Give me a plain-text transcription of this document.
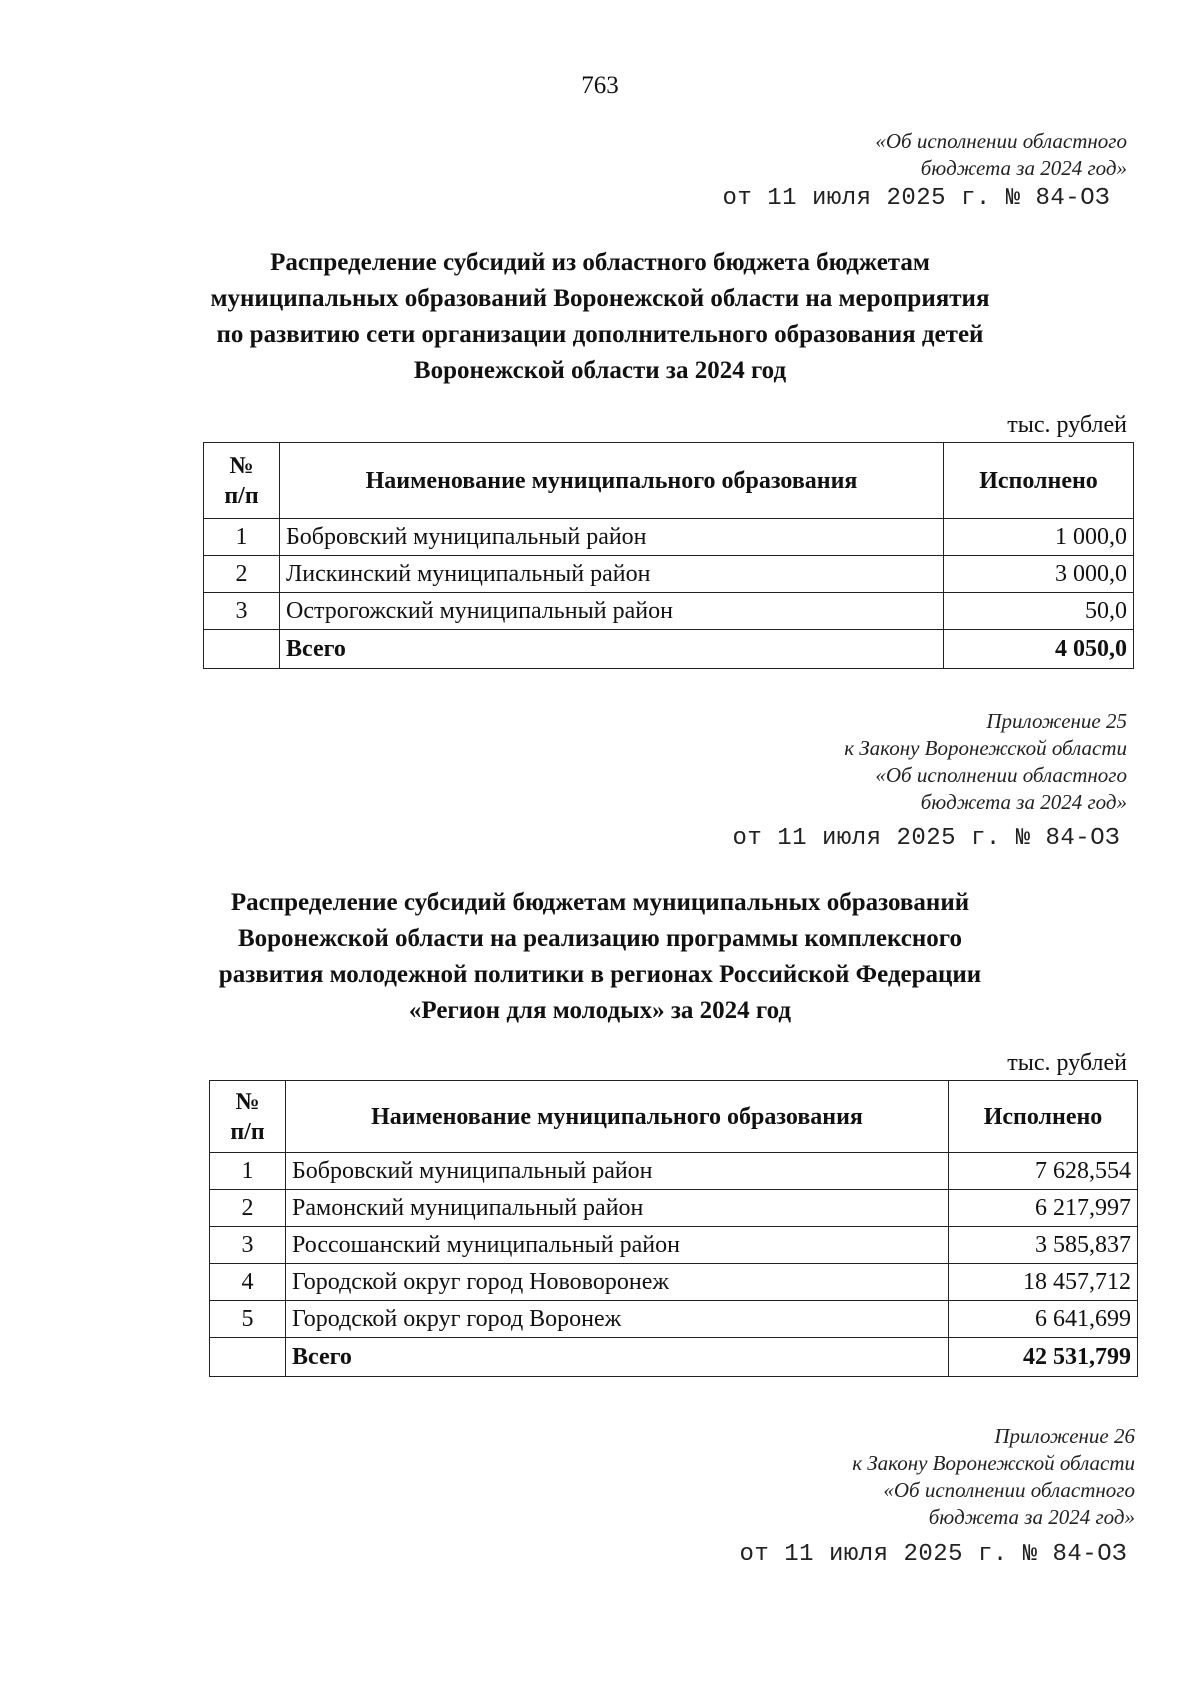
763
«Об исполнении областного
бюджета за 2024 год»
от 11 июля 2025 г. № 84-ОЗ
Распределение субсидий из областного бюджета бюджетам
муниципальных образований Воронежской области на мероприятия
по развитию сети организации дополнительного образования детей
Воронежской области за 2024 год
тыс. рублей
№
п/п	Наименование муниципального образования	Исполнено
1	Бобровский муниципальный район	1 000,0
2	Лискинский муниципальный район	3 000,0
3	Острогожский муниципальный район	50,0
	Всего	4 050,0
Приложение 25
к Закону Воронежской области
«Об исполнении областного
бюджета за 2024 год»
от 11 июля 2025 г. № 84-ОЗ
Распределение субсидий бюджетам муниципальных образований
Воронежской области на реализацию программы комплексного
развития молодежной политики в регионах Российской Федерации
«Регион для молодых» за 2024 год
тыс. рублей
№
п/п	Наименование муниципального образования	Исполнено
1	Бобровский муниципальный район	7 628,554
2	Рамонский муниципальный район	6 217,997
3	Россошанский муниципальный район	3 585,837
4	Городской округ город Нововоронеж	18 457,712
5	Городской округ город Воронеж	6 641,699
	Всего	42 531,799
Приложение 26
к Закону Воронежской области
«Об исполнении областного
бюджета за 2024 год»
от 11 июля 2025 г. № 84-ОЗ
